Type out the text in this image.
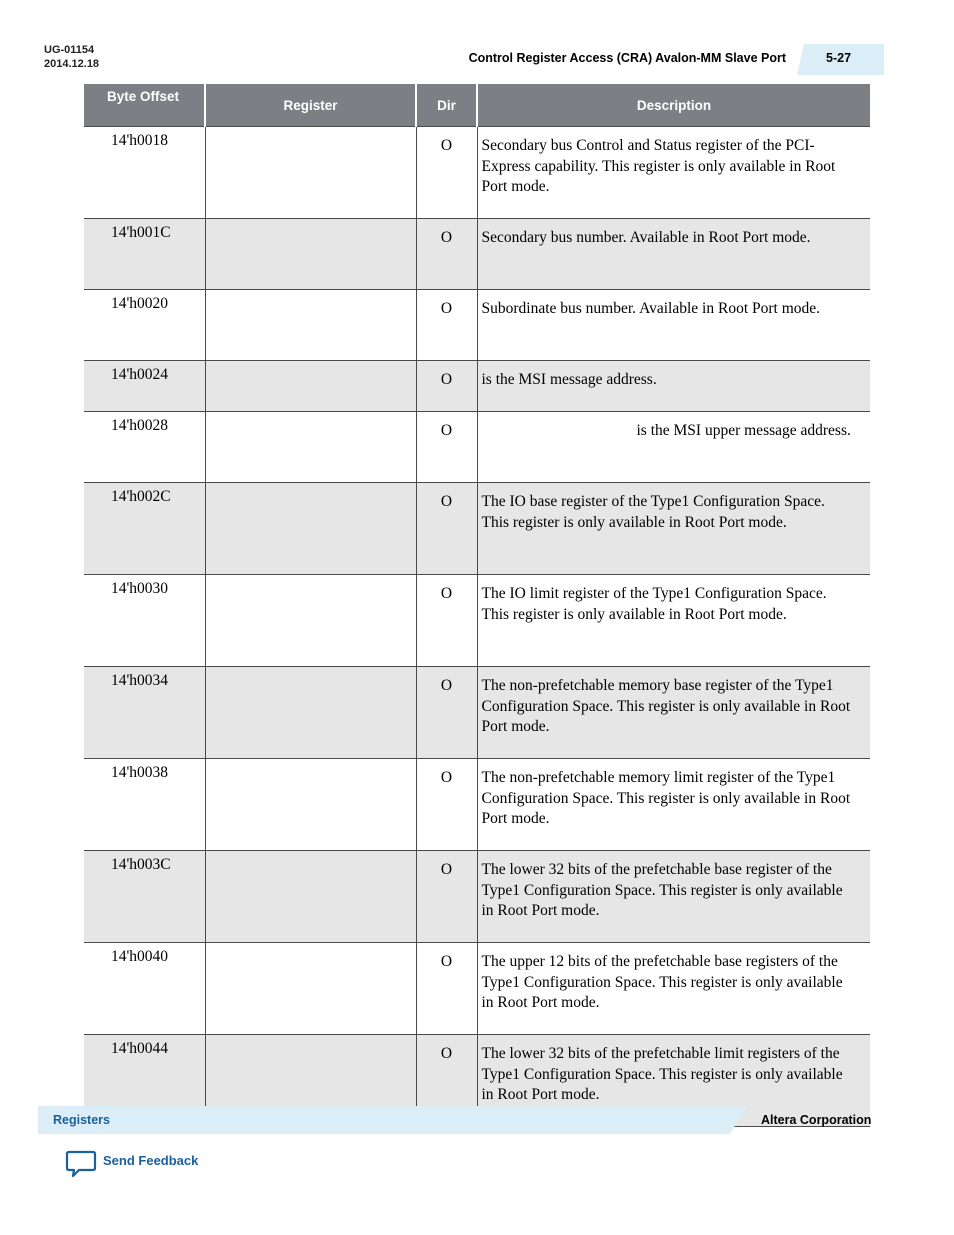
UG-01154
2014.12.18	Control Register Access (CRA) Avalon-MM Slave Port	5-27
Byte Offset	Register	Dir	Description
14'h0018		O	Secondary bus Control and Status register of the PCI-Express capability. This register is only available in Root Port mode.
14'h001C		O	Secondary bus number. Available in Root Port mode.
14'h0020		O	Subordinate bus number. Available in Root Port mode.
14'h0024		O	is the MSI message address.
14'h0028		O	is the MSI upper message address.
14'h002C		O	The IO base register of the Type1 Configuration Space. This register is only available in Root Port mode.
14'h0030		O	The IO limit register of the Type1 Configuration Space. This register is only available in Root Port mode.
14'h0034		O	The non-prefetchable memory base register of the Type1 Configuration Space. This register is only available in Root Port mode.
14'h0038		O	The non-prefetchable memory limit register of the Type1 Configuration Space. This register is only available in Root Port mode.
14'h003C		O	The lower 32 bits of the prefetchable base register of the Type1 Configuration Space. This register is only available in Root Port mode.
14'h0040		O	The upper 12 bits of the prefetchable base registers of the Type1 Configuration Space. This register is only available in Root Port mode.
14'h0044		O	The lower 32 bits of the prefetchable limit registers of the Type1 Configuration Space. This register is only available in Root Port mode.
Registers	Altera Corporation
Send Feedback
